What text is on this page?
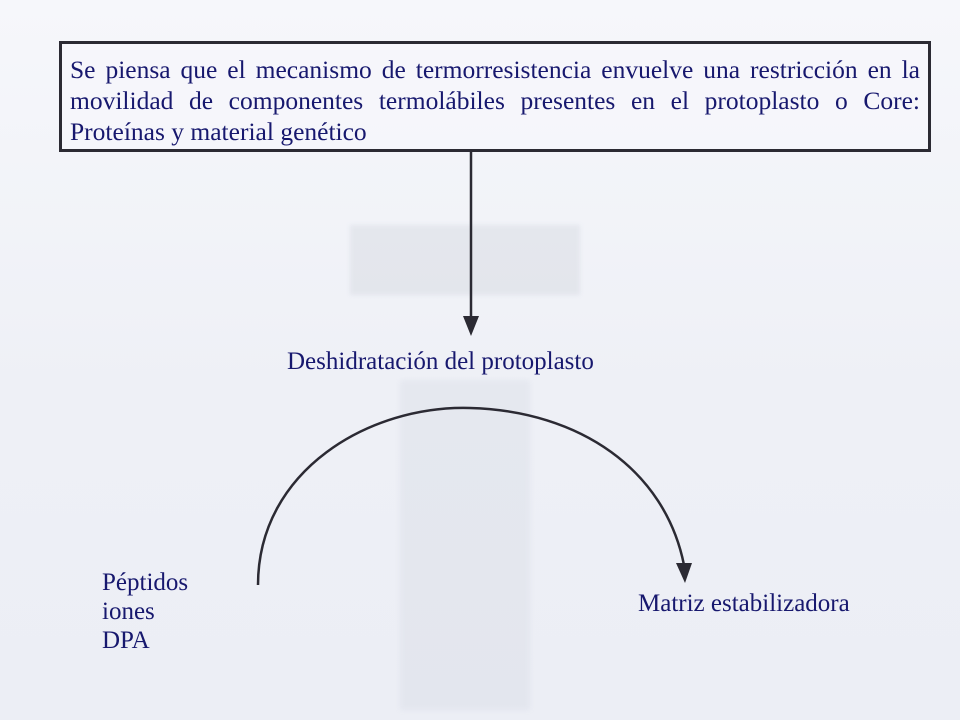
Se piensa que el mecanismo de termorresistencia envuelve una restricción en la movilidad de componentes termolábiles presentes en el protoplasto o Core: Proteínas y material genético

Deshidratación del protoplasto

Péptidos
iones
DPA

Matriz estabilizadora
